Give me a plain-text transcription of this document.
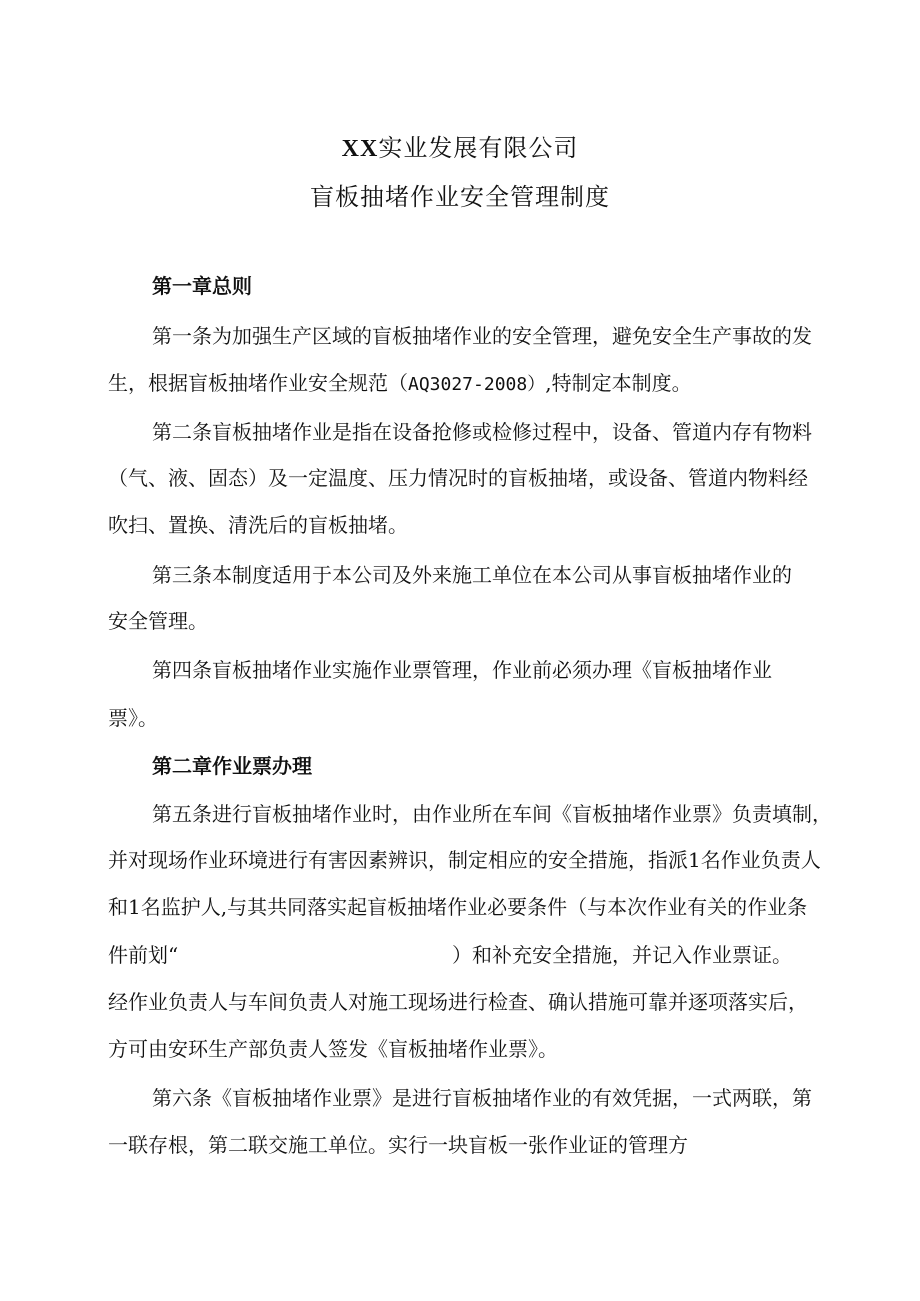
XX实业发展有限公司
盲板抽堵作业安全管理制度
第一章总则
第一条为加强生产区域的盲板抽堵作业的安全管理，避免安全生产事故的发
生，根据盲板抽堵作业安全规范（AQ3027-2008）,特制定本制度。
第二条盲板抽堵作业是指在设备抢修或检修过程中，设备、管道内存有物料
（气、液、固态）及一定温度、压力情况时的盲板抽堵，或设备、管道内物料经
吹扫、置换、清洗后的盲板抽堵。
第三条本制度适用于本公司及外来施工单位在本公司从事盲板抽堵作业的
安全管理。
第四条盲板抽堵作业实施作业票管理，作业前必须办理《盲板抽堵作业
票》。
第二章作业票办理
第五条进行盲板抽堵作业时，由作业所在车间《盲板抽堵作业票》负责填制，
并对现场作业环境进行有害因素辨识，制定相应的安全措施，指派1名作业负责人
和1名监护人,与其共同落实起盲板抽堵作业必要条件（与本次作业有关的作业条
件前划“	）和补充安全措施，并记入作业票证。
经作业负责人与车间负责人对施工现场进行检查、确认措施可靠并逐项落实后，
方可由安环生产部负责人签发《盲板抽堵作业票》。
第六条《盲板抽堵作业票》是进行盲板抽堵作业的有效凭据，一式两联，第
一联存根，第二联交施工单位。实行一块盲板一张作业证的管理方
